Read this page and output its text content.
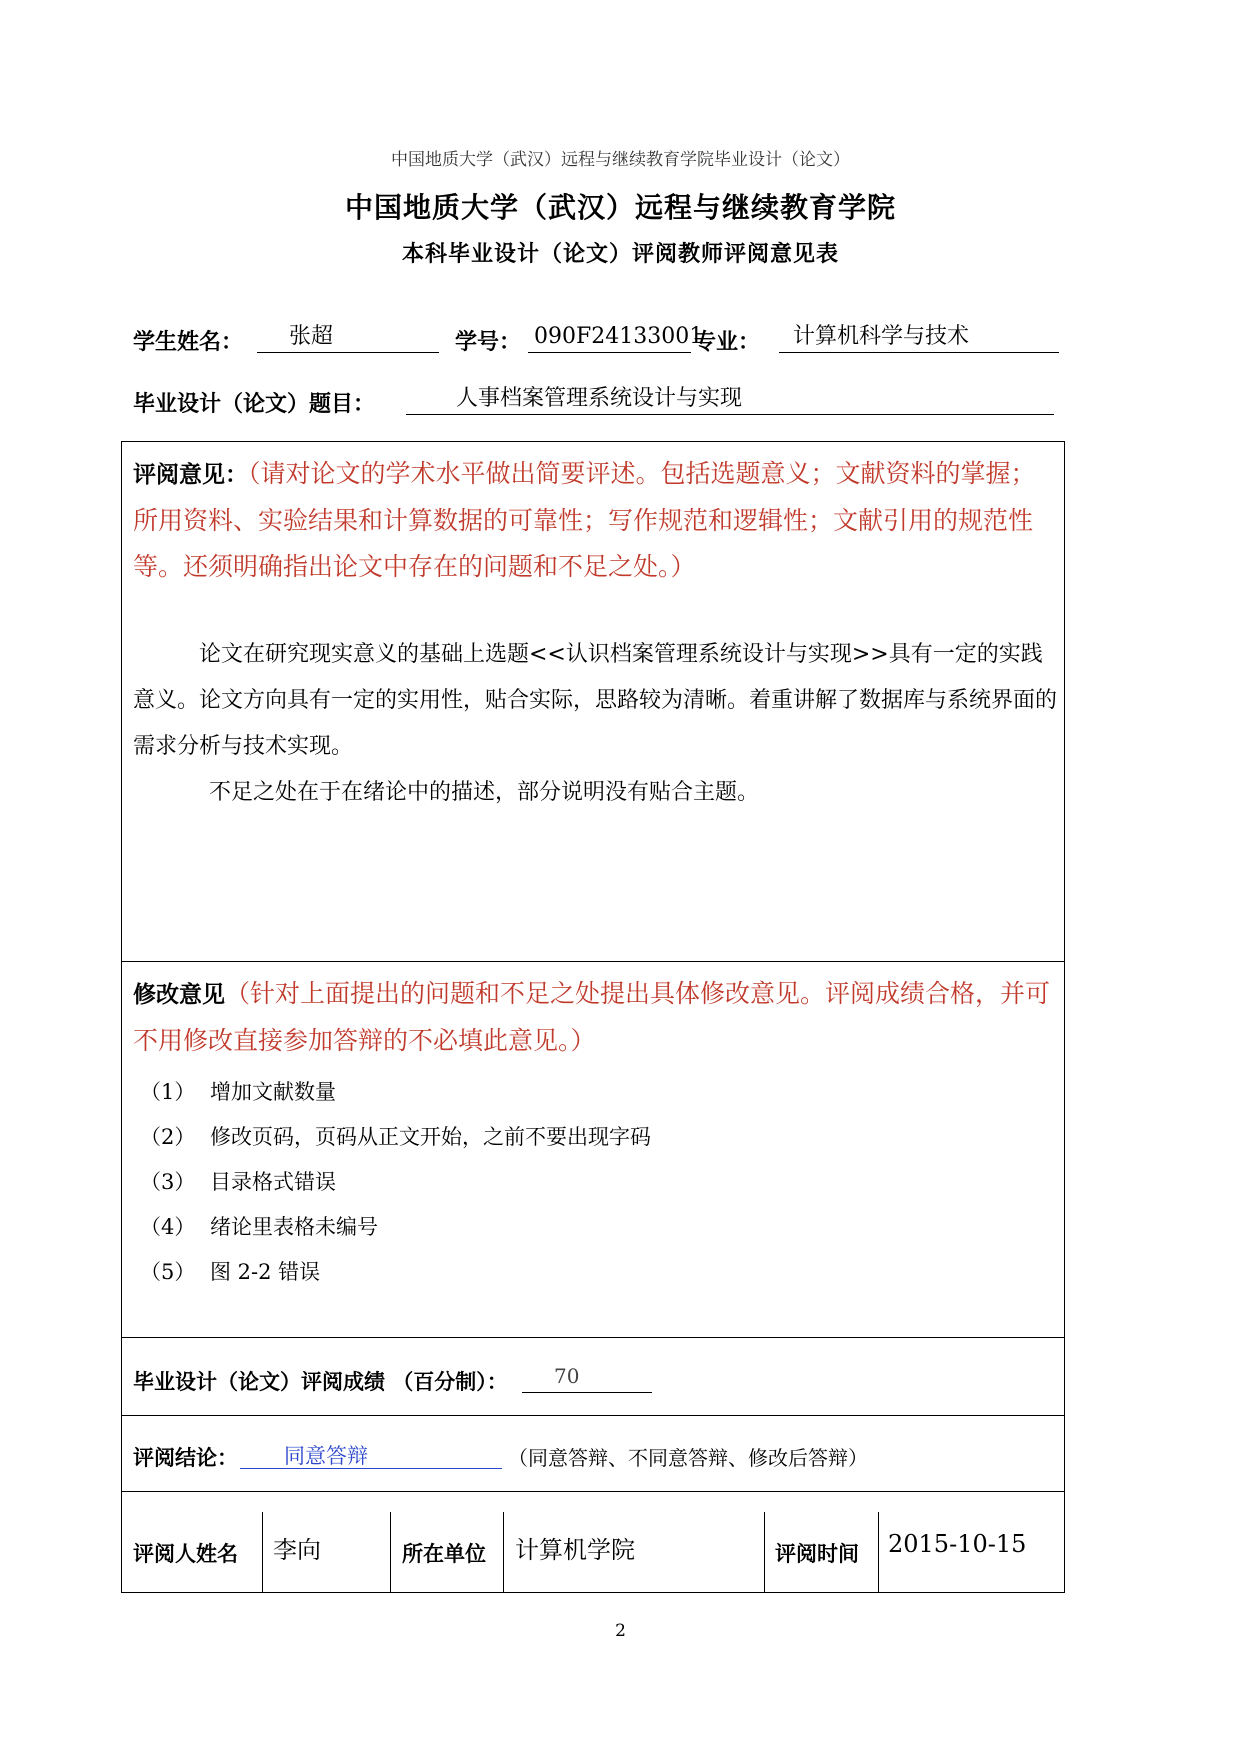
中国地质大学（武汉）远程与继续教育学院毕业设计（论文）
中国地质大学（武汉）远程与继续教育学院
本科毕业设计（论文）评阅教师评阅意见表
学生姓名：	张超	学号： 090F24133001
专业：	计算机科学与技术
毕业设计（论文）题目：	人事档案管理系统设计与实现
评阅意见：（请对论文的学术水平做出简要评述。包括选题意义；文献资料的掌握；所用资料、实验结果和计算数据的可靠性；写作规范和逻辑性；文献引用的规范性等。还须明确指出论文中存在的问题和不足之处。）
论文在研究现实意义的基础上选题<<认识档案管理系统设计与实现>>具有一定的实践意义。论文方向具有一定的实用性，贴合实际，思路较为清晰。着重讲解了数据库与系统界面的需求分析与技术实现。
不足之处在于在绪论中的描述，部分说明没有贴合主题。
修改意见（针对上面提出的问题和不足之处提出具体修改意见。评阅成绩合格，并可不用修改直接参加答辩的不必填此意见。）
（1） 增加文献数量
（2） 修改页码，页码从正文开始，之前不要出现字码
（3） 目录格式错误
（4） 绪论里表格未编号
（5） 图 2-2 错误
毕业设计（论文）评阅成绩 （百分制）：	70
评阅结论：	同意答辩	（同意答辩、不同意答辩、修改后答辩）
评阅人姓名 李向	所在单位 计算机学院	评阅时间 2015-10-15
2
